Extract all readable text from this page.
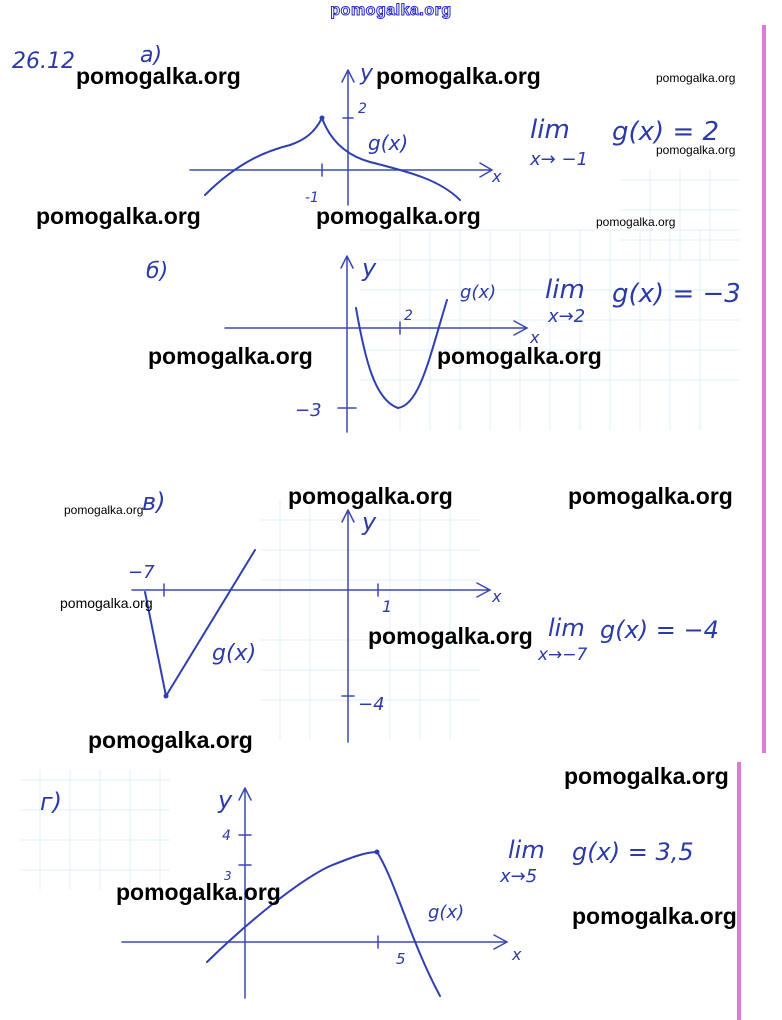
pomogalka.org
26.12	а)
y
x
2
-1
g(x)	lim
x→ −1
g(x) = 2
б)	y
x
2
−3
g(x) lim
x→2
g(x) = −3
в)
y
x
−7
1
−4
g(x)
lim
x→−7
g(x) = −4
г)	y
x
4
3
5
g(x)
lim
x→5
g(x) = 3,5
pomogalka.org	pomogalka.org	pomogalka.org
pomogalka.org
pomogalka.org	pomogalka.org	pomogalka.org
pomogalka.org	pomogalka.org
pomogalka.org	pomogalka.org
pomogalka.org
pomogalka.org
pomogalka.org
pomogalka.org
pomogalka.org
pomogalka.org
pomogalka.org
